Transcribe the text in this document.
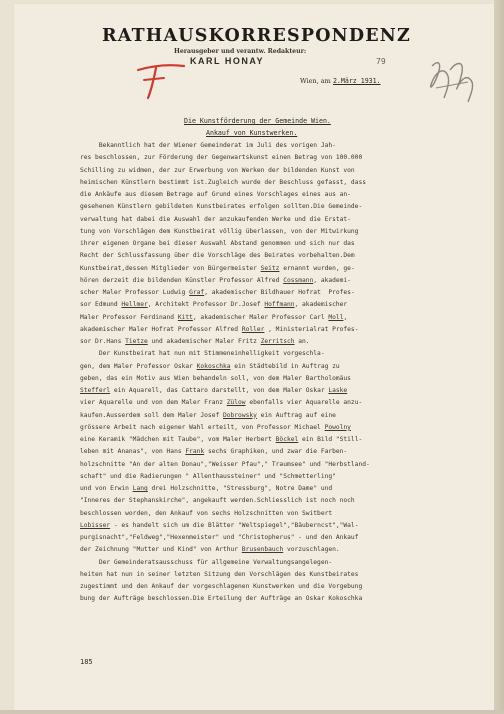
RATHAUSKORRESPONDENZ
Herausgeber und verantw. Redakteur:
KARL HONAY	79
Wien, am 2.März 1931.
Die Kunstförderung der Gemeinde Wien.
Ankauf von Kunstwerken.
Bekanntlich hat der Wiener Gemeinderat im Juli des vorigen Jah-
res beschlossen, zur Förderung der Gegenwartskunst einen Betrag von 100.000
Schilling zu widmen, der zur Erwerbung von Werken der bildenden Kunst von
heimischen Künstlern bestimmt ist.Zugleich wurde der Beschluss gefasst, dass
die Ankäufe aus diesem Betrage auf Grund eines Vorschlages eines aus an-
gesehenen Künstlern gebildeten Kunstbeirates erfolgen sollten.Die Gemeinde-
verwaltung hat dabei die Auswahl der anzukaufenden Werke und die Erstat-
tung von Vorschlägen dem Kunstbeirat völlig überlassen, von der Mitwirkung
ihrer eigenen Organe bei dieser Auswahl Abstand genommen und sich nur das
Recht der Schlussfassung über die Vorschläge des Beirates vorbehalten.Dem
Kunstbeirat,dessen Mitglieder von Bürgermeister Seitz ernannt wurden, ge-
hören derzeit die bildenden Künstler Professor Alfred Cossmann, akademi-
scher Maler Professor Ludwig Graf, akademischer Bildhauer Hofrat  Profes-
sor Edmund Hellmer, Architekt Professor Dr.Josef Hoffmann, akademischer
Maler Professor Ferdinand Kitt, akademischer Maler Professor Carl Moll,
akademischer Maler Hofrat Professor Alfred Roller , Ministerialrat Profes-
sor Dr.Hans Tietze und akademischer Maler Fritz Zerritsch an.
Der Kunstbeirat hat nun mit Stimmeneinhelligkeit vorgeschla-
gen, dem Maler Professor Oskar Kokoschka ein Städtebild in Auftrag zu
geben, das ein Motiv aus Wien behandeln soll, von dem Maler Bartholomäus
Stefferl ein Aquarell, das Cattaro darstellt, von dem Maler Oskar Laske
vier Aquarelle und von dem Maler Franz Zülow ebenfalls vier Aquarelle anzu-
kaufen.Ausserdem soll dem Maler Josef Dobrowsky ein Auftrag auf eine
grössere Arbeit nach eigener Wahl erteilt, von Professor Michael Powolny
eine Keramik "Mädchen mit Taube", vom Maler Herbert Böckel ein Bild "Still-
leben mit Ananas", von Hans Frank sechs Graphiken, und zwar die Farben-
holzschnitte "An der alten Donau","Weisser Pfau"," Traumsee" und "Herbstland-
schaft" und die Radierungen " Allenthaussteiner" und "Schmetterling"
und von Erwin Lang drei Holzschnitte, "Stressburg", Notre Dame" und
"Inneres der Stephanskirche", angekauft werden.Schliesslich ist noch noch
beschlossen worden, den Ankauf von sechs Holzschnitten von Switbert
Lobisser - es handelt sich um die Blätter "Weltspiegel","Bäuberncst","Wal-
purgisnacht","Feldweg","Hexenmeister" und "Christopherus" - und den Ankauf
der Zeichnung "Mutter und Kind" von Arthur Brusenbauch vorzuschlagen.
Der Gemeinderatsausschuss für allgemeine Verwaltungsangelegen-
heiten hat nun in seiner letzten Sitzung den Vorschlägen des Kunstbeirates
zugestimmt und den Ankauf der vorgeschlagenen Kunstwerken und die Vorgebung
bung der Aufträge beschlossen.Die Erteilung der Aufträge an Oskar Kokoschka
185
